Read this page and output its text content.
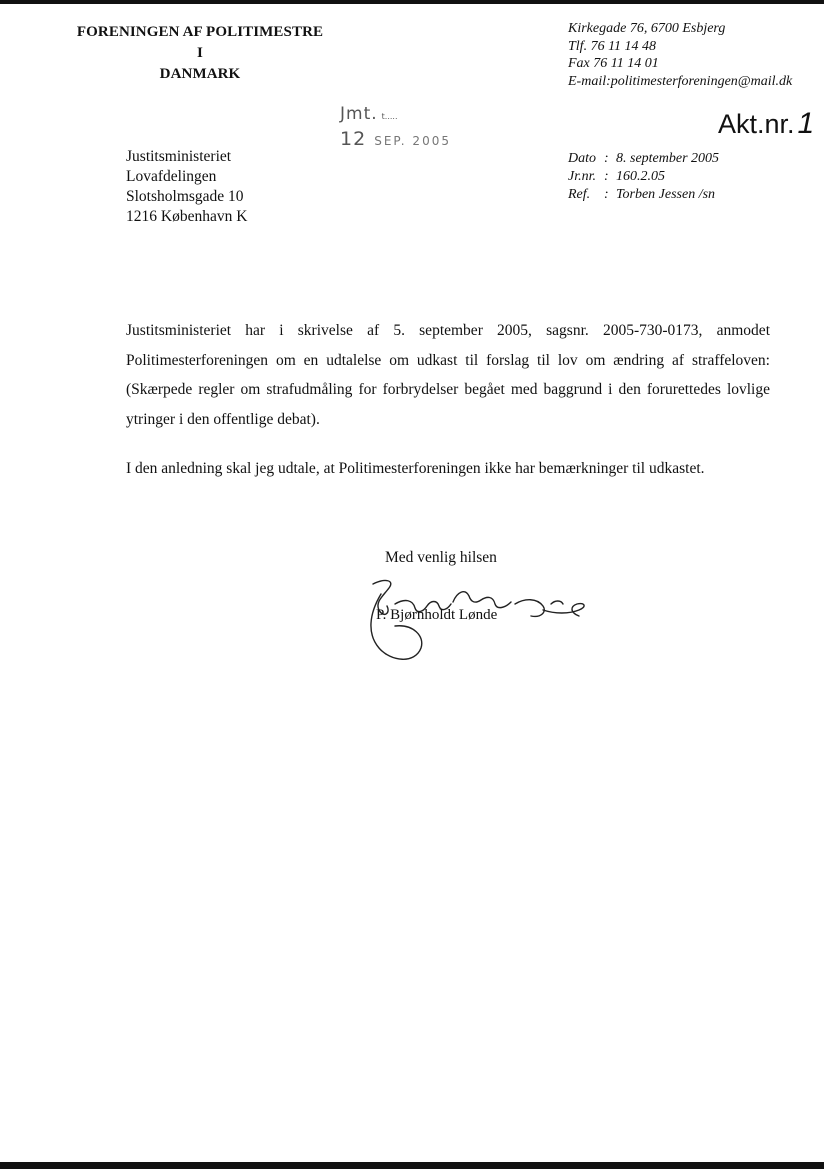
FORENINGEN AF POLITIMESTRE
I
DANMARK
Kirkegade 76, 6700 Esbjerg
Tlf. 76 11 14 48
Fax 76 11 14 01
E-mail:politimesterforeningen@mail.dk
Jmt. t.....
12 SEP. 2005
Akt.nr. 1
Justitsministeriet
Lovafdelingen
Slotsholmsgade 10
1216 København K
Dato : 8. september 2005
Jr.nr. : 160.2.05
Ref. : Torben Jessen /sn

Justitsministeriet har i skrivelse af 5. september 2005, sagsnr. 2005-730-0173, anmodet Politimesterforeningen om en udtalelse om udkast til forslag til lov om ændring af straffeloven: (Skærpede regler om strafudmåling for forbrydelser begået med baggrund i den forurettedes lovlige ytringer i den offentlige debat).

I den anledning skal jeg udtale, at Politimesterforeningen ikke har bemærkninger til udkastet.

Med venlig hilsen
P. Bjørnholdt Lønde
